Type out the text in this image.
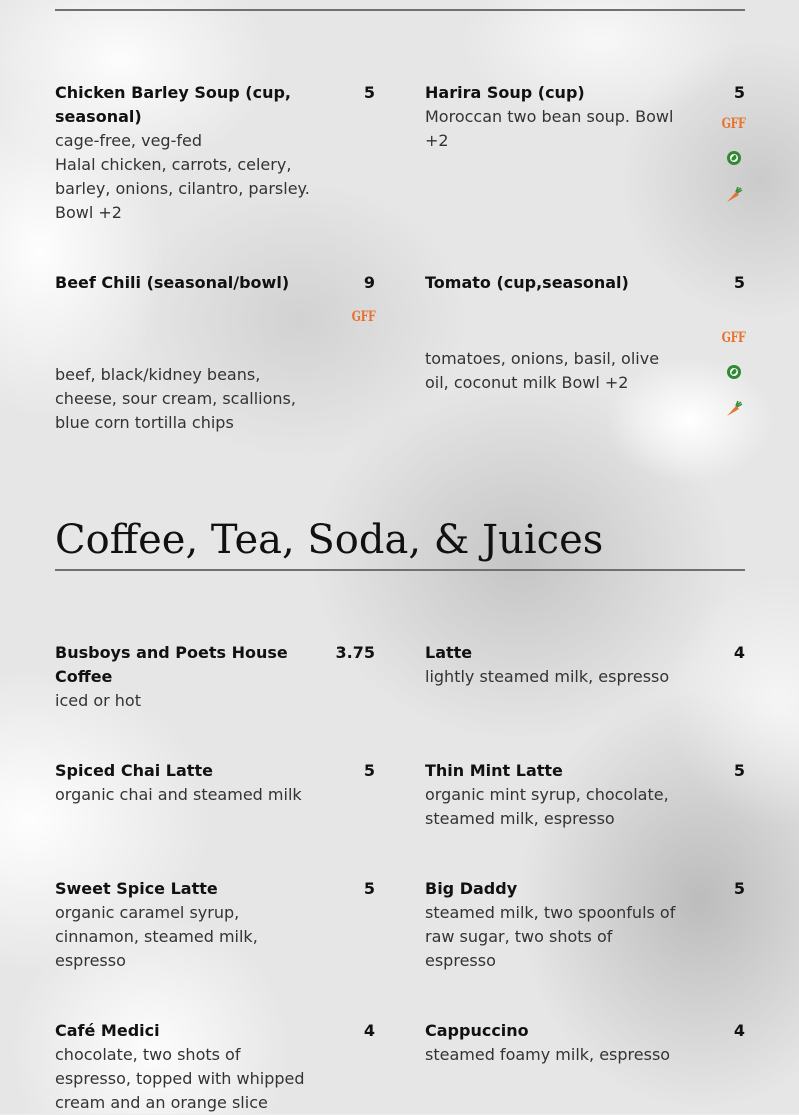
Chicken Barley Soup (cup, seasonal)
5
cage-free, veg-fed
Halal chicken, carrots, celery, barley, onions, cilantro, parsley. Bowl +2
Harira Soup (cup)	5
Moroccan two bean soup. Bowl +2
GFF
Beef Chili (seasonal/bowl)	9
GFF
beef, black/kidney beans, cheese, sour cream, scallions, blue corn tortilla chips
Tomato (cup,seasonal)	5
GFF
tomatoes, onions, basil, olive oil, coconut milk Bowl +2
Coffee, Tea, Soda, & Juices
Busboys and Poets House Coffee
3.75
iced or hot
Latte	4
lightly steamed milk, espresso
Spiced Chai Latte	5
organic chai and steamed milk
Thin Mint Latte	5
organic mint syrup, chocolate, steamed milk, espresso
Sweet Spice Latte	5
organic caramel syrup, cinnamon, steamed milk, espresso
Big Daddy	5
steamed milk, two spoonfuls of raw sugar, two shots of espresso
Café Medici	4
chocolate, two shots of espresso, topped with whipped cream and an orange slice
Cappuccino	4
steamed foamy milk, espresso
